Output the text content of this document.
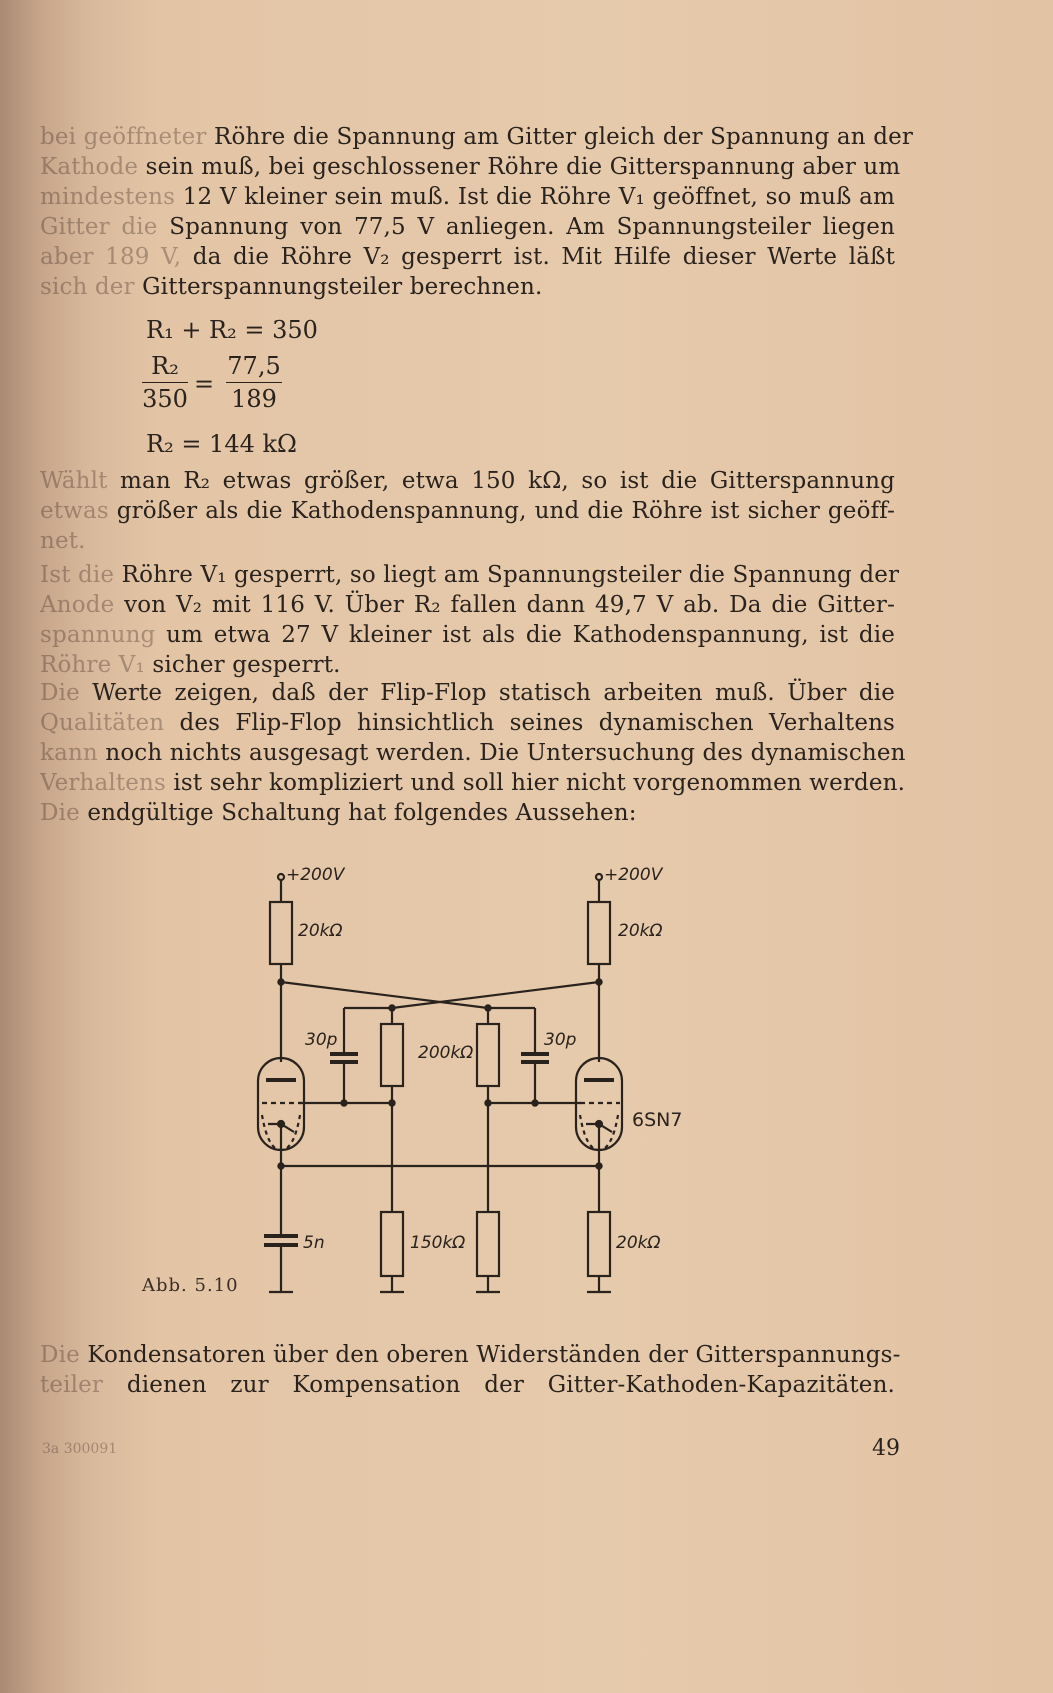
bei geöffneter Röhre die Spannung am Gitter gleich der Spannung an der
Kathode sein muß, bei geschlossener Röhre die Gitterspannung aber um
mindestens 12 V kleiner sein muß. Ist die Röhre V₁ geöffnet, so muß am
Gitter die Spannung von 77,5 V anliegen. Am Spannungsteiler liegen
aber 189 V, da die Röhre V₂ gesperrt ist. Mit Hilfe dieser Werte läßt
sich der Gitterspannungsteiler berechnen.
R₁ + R₂ = 350
R₂
350
=
77,5
189
R₂ = 144 kΩ
Wählt man R₂ etwas größer, etwa 150 kΩ, so ist die Gitterspannung
etwas größer als die Kathodenspannung, und die Röhre ist sicher geöff-
net.
Ist die Röhre V₁ gesperrt, so liegt am Spannungsteiler die Spannung der
Anode von V₂ mit 116 V. Über R₂ fallen dann 49,7 V ab. Da die Gitter-
spannung um etwa 27 V kleiner ist als die Kathodenspannung, ist die
Röhre V₁ sicher gesperrt.
Die Werte zeigen, daß der Flip-Flop statisch arbeiten muß. Über die
Qualitäten des Flip-Flop hinsichtlich seines dynamischen Verhaltens
kann noch nichts ausgesagt werden. Die Untersuchung des dynamischen
Verhaltens ist sehr kompliziert und soll hier nicht vorgenommen werden.
Die endgültige Schaltung hat folgendes Aussehen:
+200V	+200V
20kΩ	20kΩ
30p	30p
200kΩ
6SN7
5n	150kΩ	20kΩ
Abb. 5.10
Die Kondensatoren über den oberen Widerständen der Gitterspannungs-
teiler dienen zur Kompensation der Gitter-Kathoden-Kapazitäten.
3a 300091	49
